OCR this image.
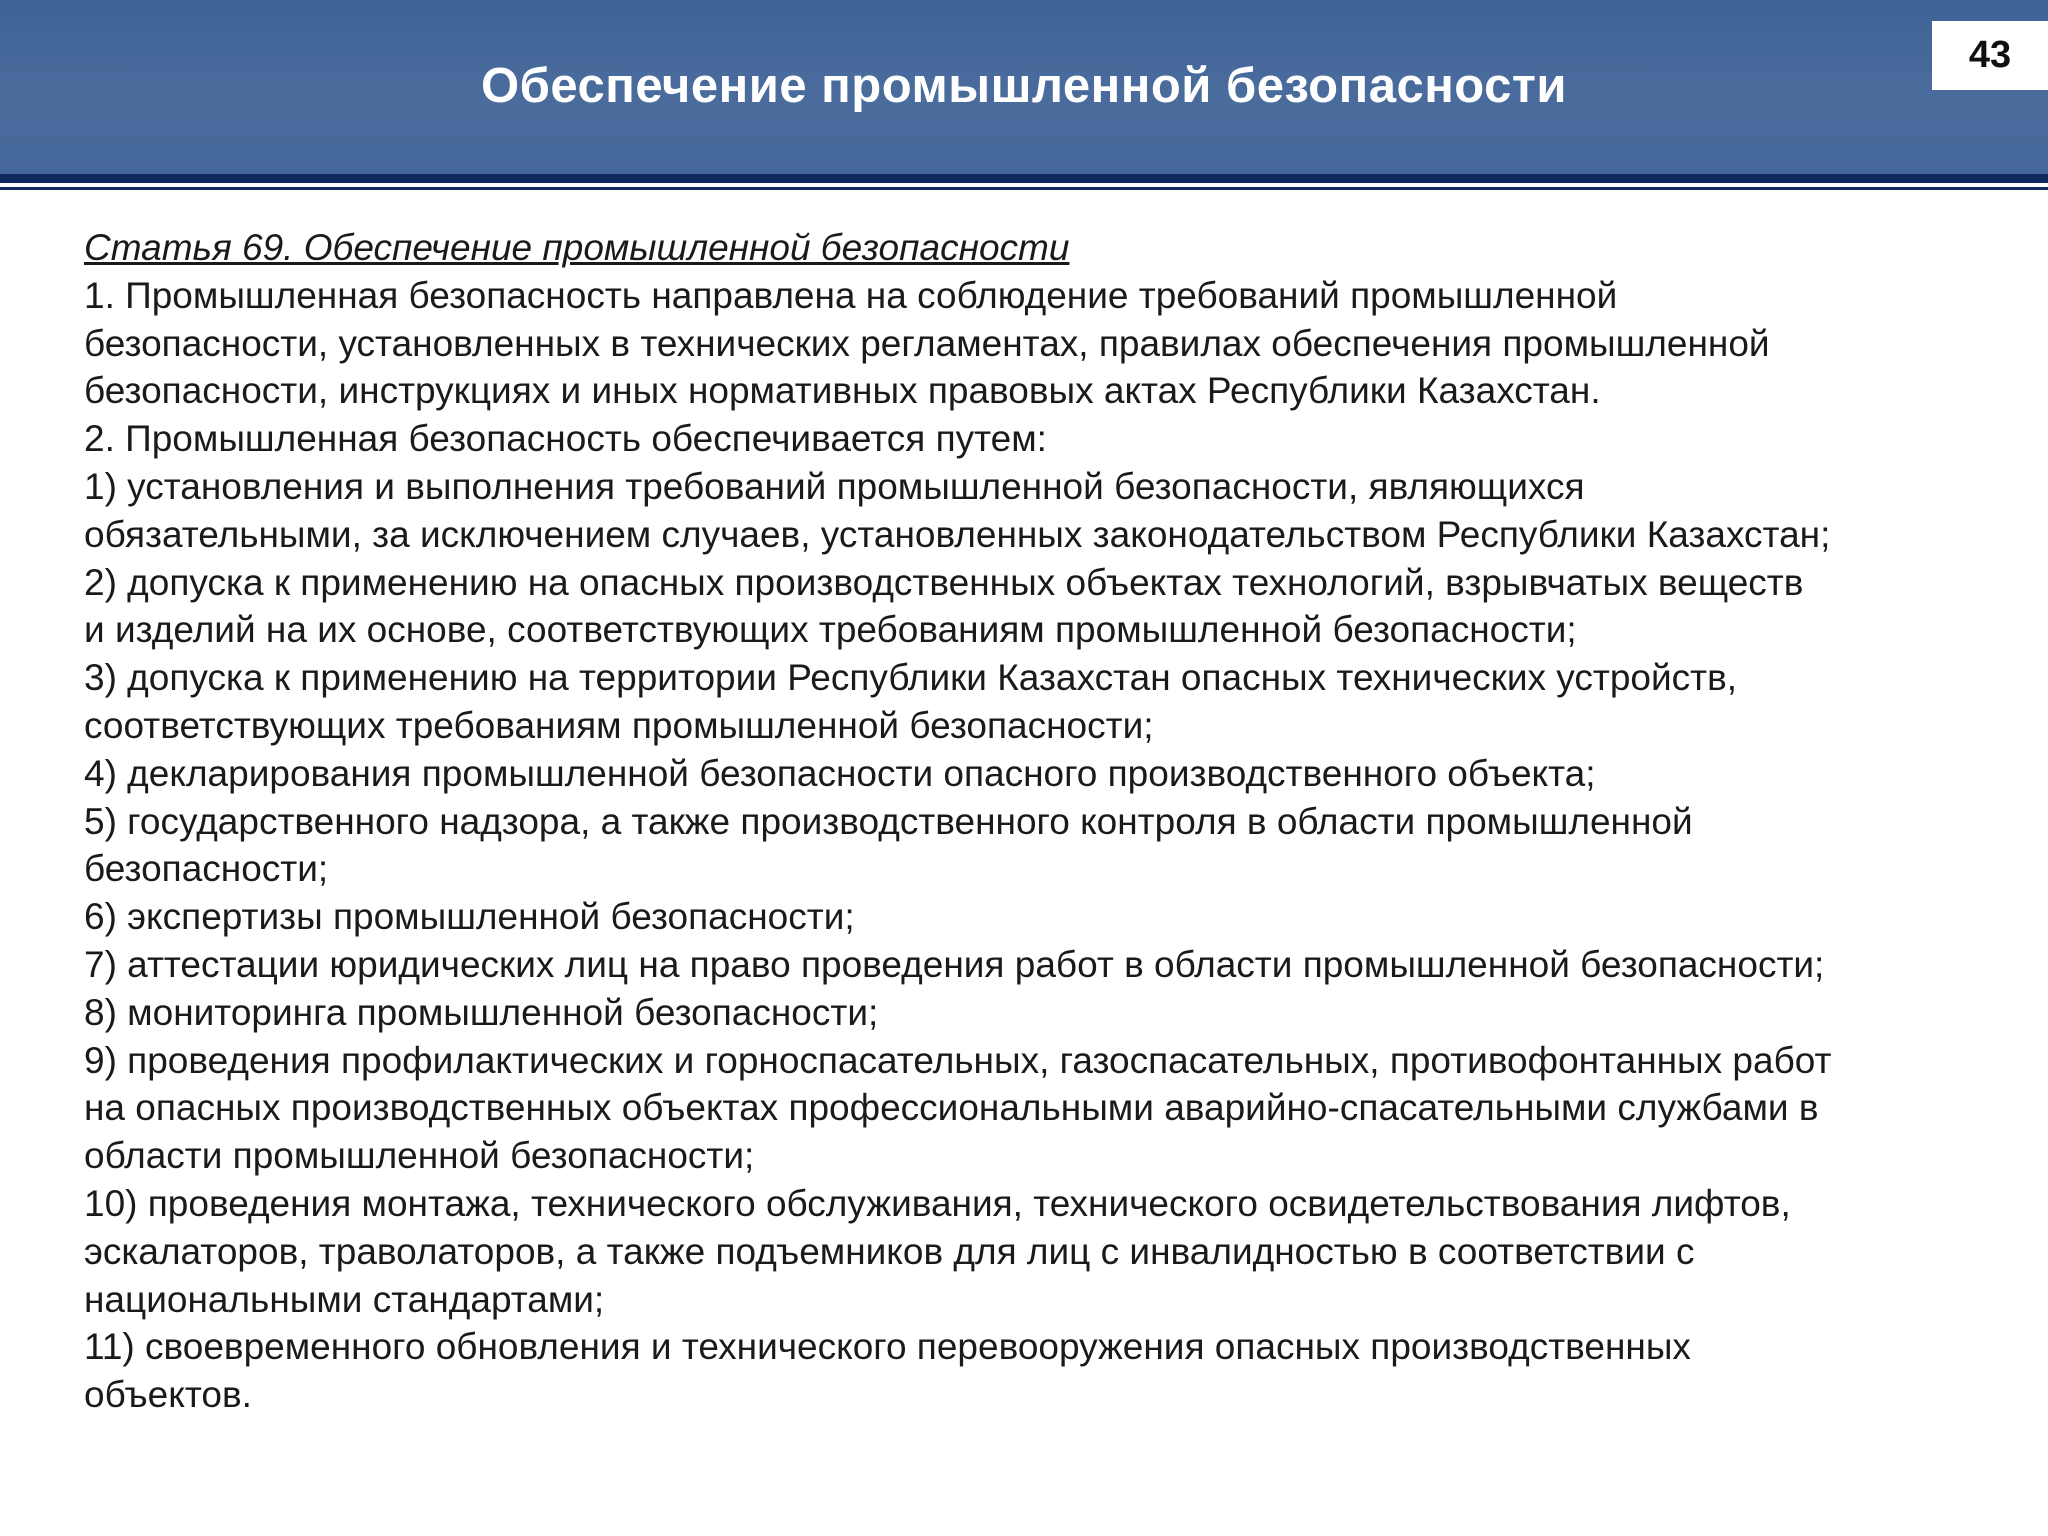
Обеспечение промышленной безопасности
43
Статья 69. Обеспечение промышленной безопасности
1. Промышленная безопасность направлена на соблюдение требований промышленной
безопасности, установленных в технических регламентах, правилах обеспечения промышленной
безопасности, инструкциях и иных нормативных правовых актах Республики Казахстан.
2. Промышленная безопасность обеспечивается путем:
1) установления и выполнения требований промышленной безопасности, являющихся
обязательными, за исключением случаев, установленных законодательством Республики Казахстан;
2) допуска к применению на опасных производственных объектах технологий, взрывчатых веществ
и изделий на их основе, соответствующих требованиям промышленной безопасности;
3) допуска к применению на территории Республики Казахстан опасных технических устройств,
соответствующих требованиям промышленной безопасности;
4) декларирования промышленной безопасности опасного производственного объекта;
5) государственного надзора, а также производственного контроля в области промышленной
безопасности;
6) экспертизы промышленной безопасности;
7) аттестации юридических лиц на право проведения работ в области промышленной безопасности;
8) мониторинга промышленной безопасности;
9) проведения профилактических и горноспасательных, газоспасательных, противофонтанных работ
на опасных производственных объектах профессиональными аварийно-спасательными службами в
области промышленной безопасности;
10) проведения монтажа, технического обслуживания, технического освидетельствования лифтов,
эскалаторов, траволаторов, а также подъемников для лиц с инвалидностью в соответствии с
национальными стандартами;
11) своевременного обновления и технического перевооружения опасных производственных
объектов.
